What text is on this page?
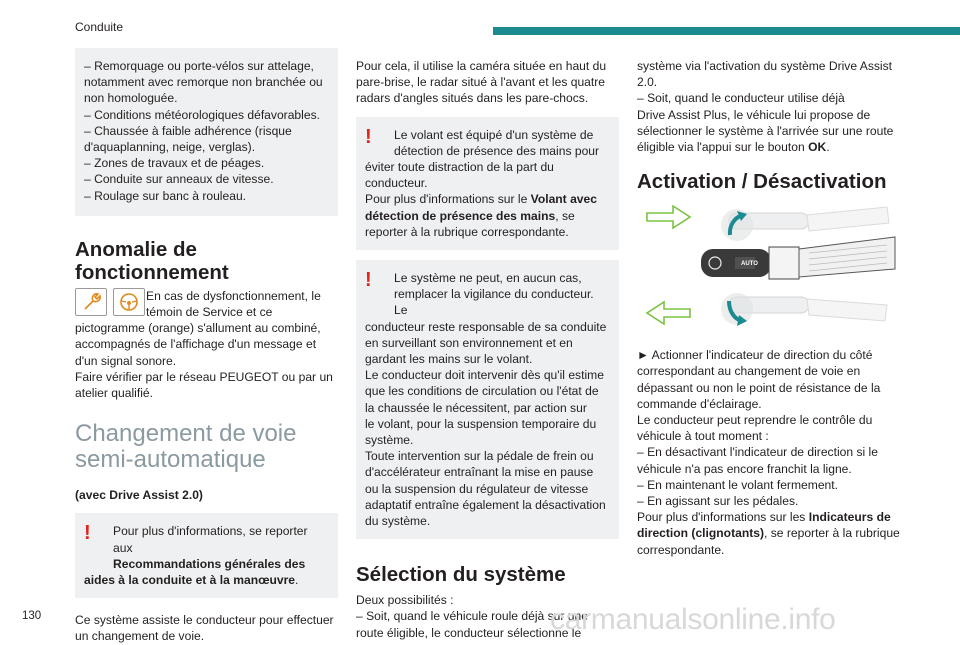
Conduite
– Remorquage ou porte-vélos sur attelage,
notamment avec remorque non branchée ou
non homologuée.
– Conditions météorologiques défavorables.
– Chaussée à faible adhérence (risque
d'aquaplanning, neige, verglas).
– Zones de travaux et de péages.
– Conduite sur anneaux de vitesse.
– Roulage sur banc à rouleau.
Anomalie de
fonctionnement

En cas de dysfonctionnement, le
témoin de Service et ce
pictogramme (orange) s'allument au combiné,
accompagnés de l'affichage d'un message et
d'un signal sonore.
Faire vérifier par le réseau PEUGEOT ou par un
atelier qualifié.
Changement de voie
semi-automatique

(avec Drive Assist 2.0)

!	Pour plus d'informations, se reporter aux
Recommandations générales des
aides à la conduite et à la manœuvre.

Ce système assiste le conducteur pour effectuer
un changement de voie.

Pour cela, il utilise la caméra située en haut du
pare-brise, le radar situé à l'avant et les quatre
radars d'angles situés dans les pare-chocs.

!	Le volant est équipé d'un système de
détection de présence des mains pour
éviter toute distraction de la part du
conducteur.
Pour plus d'informations sur le Volant avec
détection de présence des mains, se
reporter à la rubrique correspondante.
!	Le système ne peut, en aucun cas,
remplacer la vigilance du conducteur. Le
conducteur reste responsable de sa conduite
en surveillant son environnement et en
gardant les mains sur le volant.
Le conducteur doit intervenir dès qu'il estime
que les conditions de circulation ou l'état de
la chaussée le nécessitent, par action sur
le volant, pour la suspension temporaire du
système.
Toute intervention sur la pédale de frein ou
d'accélérateur entraînant la mise en pause
ou la suspension du régulateur de vitesse
adaptatif entraîne également la désactivation
du système.
Sélection du système

Deux possibilités :
– Soit, quand le véhicule roule déjà sur une
route éligible, le conducteur sélectionne le

système via l'activation du système Drive Assist
2.0.
– Soit, quand le conducteur utilise déjà
Drive Assist Plus, le véhicule lui propose de
sélectionner le système à l'arrivée sur une route
éligible via l'appui sur le bouton OK.

Activation / Désactivation
AUTO

► Actionner l'indicateur de direction du côté
correspondant au changement de voie en
dépassant ou non le point de résistance de la
commande d'éclairage.
Le conducteur peut reprendre le contrôle du
véhicule à tout moment :
– En désactivant l'indicateur de direction si le
véhicule n'a pas encore franchit la ligne.
– En maintenant le volant fermement.
– En agissant sur les pédales.
Pour plus d'informations sur les Indicateurs de
direction (clignotants), se reporter à la rubrique
correspondante.

130	carmanualsonline.info
